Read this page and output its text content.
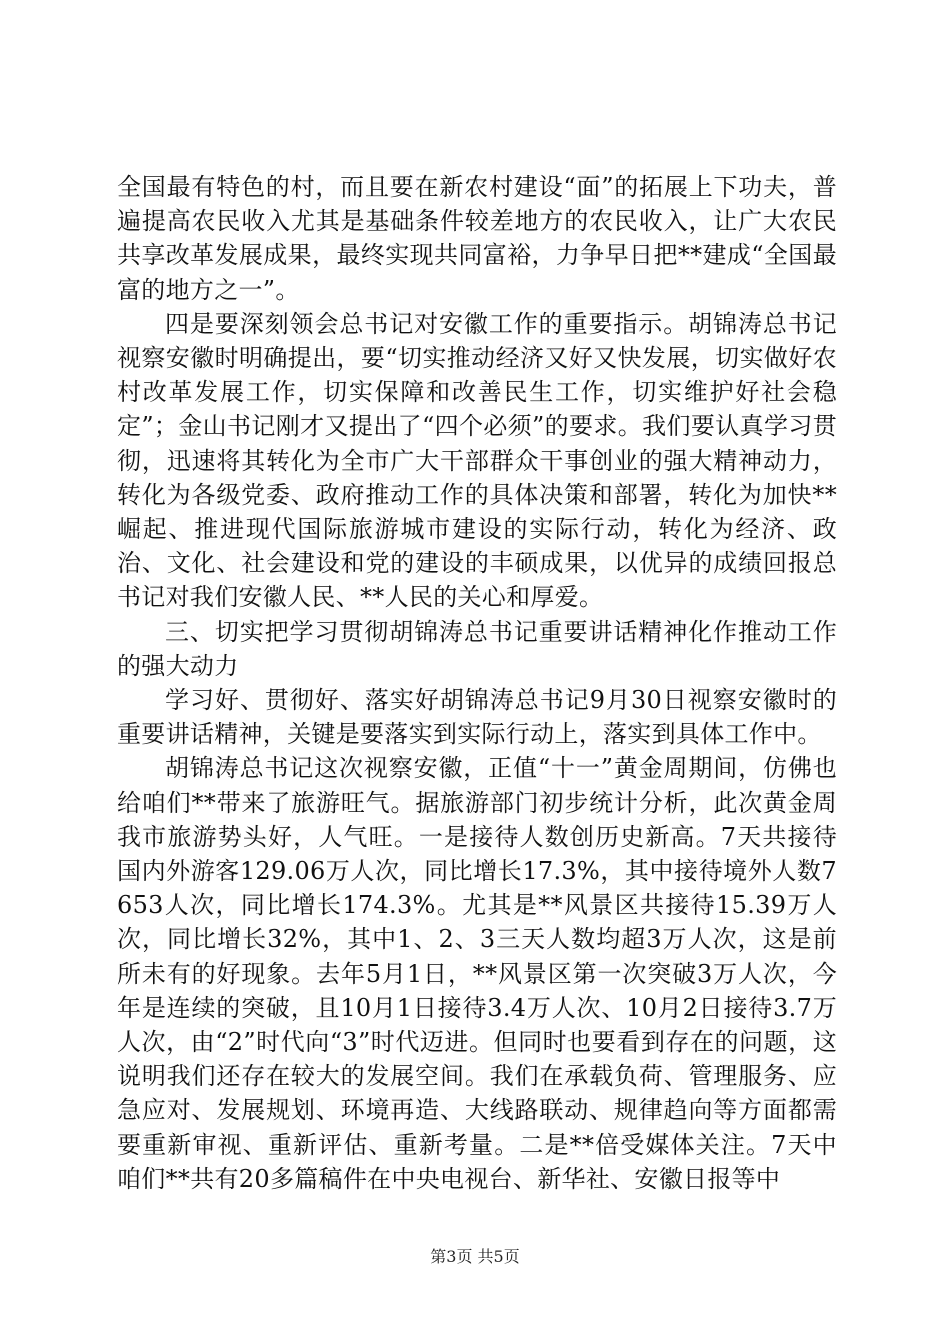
全国最有特色的村，而且要在新农村建设“面”的拓展上下功夫，普遍提高农民收入尤其是基础条件较差地方的农民收入，让广大农民共享改革发展成果，最终实现共同富裕，力争早日把**建成“全国最富的地方之一”。

四是要深刻领会总书记对安徽工作的重要指示。胡锦涛总书记视察安徽时明确提出，要“切实推动经济又好又快发展，切实做好农村改革发展工作，切实保障和改善民生工作，切实维护好社会稳定”；金山书记刚才又提出了“四个必须”的要求。我们要认真学习贯彻，迅速将其转化为全市广大干部群众干事创业的强大精神动力，转化为各级党委、政府推动工作的具体决策和部署，转化为加快**崛起、推进现代国际旅游城市建设的实际行动，转化为经济、政治、文化、社会建设和党的建设的丰硕成果，以优异的成绩回报总书记对我们安徽人民、**人民的关心和厚爱。

三、切实把学习贯彻胡锦涛总书记重要讲话精神化作推动工作的强大动力

学习好、贯彻好、落实好胡锦涛总书记9月30日视察安徽时的重要讲话精神，关键是要落实到实际行动上，落实到具体工作中。

胡锦涛总书记这次视察安徽，正值“十一”黄金周期间，仿佛也给咱们**带来了旅游旺气。据旅游部门初步统计分析，此次黄金周我市旅游势头好，人气旺。一是接待人数创历史新高。7天共接待国内外游客129.06万人次，同比增长17.3%，其中接待境外人数7653人次，同比增长174.3%。尤其是**风景区共接待15.39万人次，同比增长32%，其中1、2、3三天人数均超3万人次，这是前所未有的好现象。去年5月1日，**风景区第一次突破3万人次，今年是连续的突破，且10月1日接待3.4万人次、10月2日接待3.7万人次，由“2”时代向“3”时代迈进。但同时也要看到存在的问题，这说明我们还存在较大的发展空间。我们在承载负荷、管理服务、应急应对、发展规划、环境再造、大线路联动、规律趋向等方面都需要重新审视、重新评估、重新考量。二是**倍受媒体关注。7天中咱们**共有20多篇稿件在中央电视台、新华社、安徽日报等中

第3页 共5页
